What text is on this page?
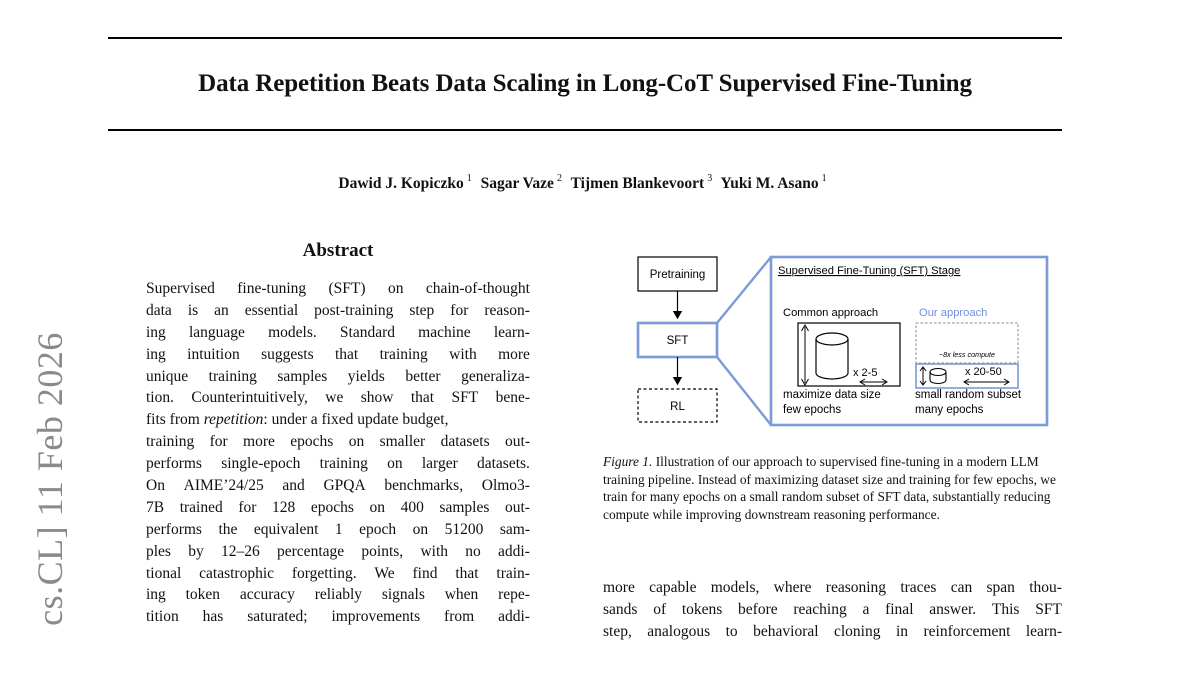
Data Repetition Beats Data Scaling in Long-CoT Supervised Fine-Tuning
Dawid J. Kopiczko $^1$ Sagar Vaze $^2$ Tijmen Blankevoort $^3$ Yuki M. Asano $^1$
cs.CL] 11 Feb 2026
Abstract
Supervised fine-tuning (SFT) on chain-of-thought
data is an essential post-training step for reason-
ing language models. Standard machine learn-
ing intuition suggests that training with more
unique training samples yields better generaliza-
tion. Counterintuitively, we show that SFT bene-
fits from repetition: under a fixed update budget,
training for more epochs on smaller datasets out-
performs single-epoch training on larger datasets.
On AIME’24/25 and GPQA benchmarks, Olmo3-
7B trained for 128 epochs on 400 samples out-
performs the equivalent 1 epoch on 51200 sam-
ples by 12–26 percentage points, with no addi-
tional catastrophic forgetting. We find that train-
ing token accuracy reliably signals when repe-
tition has saturated; improvements from addi-
Pretraining
SFT
RL
Supervised Fine-Tuning (SFT) Stage
Common approach
x 2-5
maximize data size
few epochs
Our approach
~8x less compute
x 20-50
small random subset
many epochs
Figure 1. Illustration of our approach to supervised fine-tuning in a modern LLM training pipeline. Instead of maximizing dataset size and training for few epochs, we train for many epochs on a small random subset of SFT data, substantially reducing compute while improving downstream reasoning performance.
more capable models, where reasoning traces can span thou-
sands of tokens before reaching a final answer. This SFT
step, analogous to behavioral cloning in reinforcement learn-
